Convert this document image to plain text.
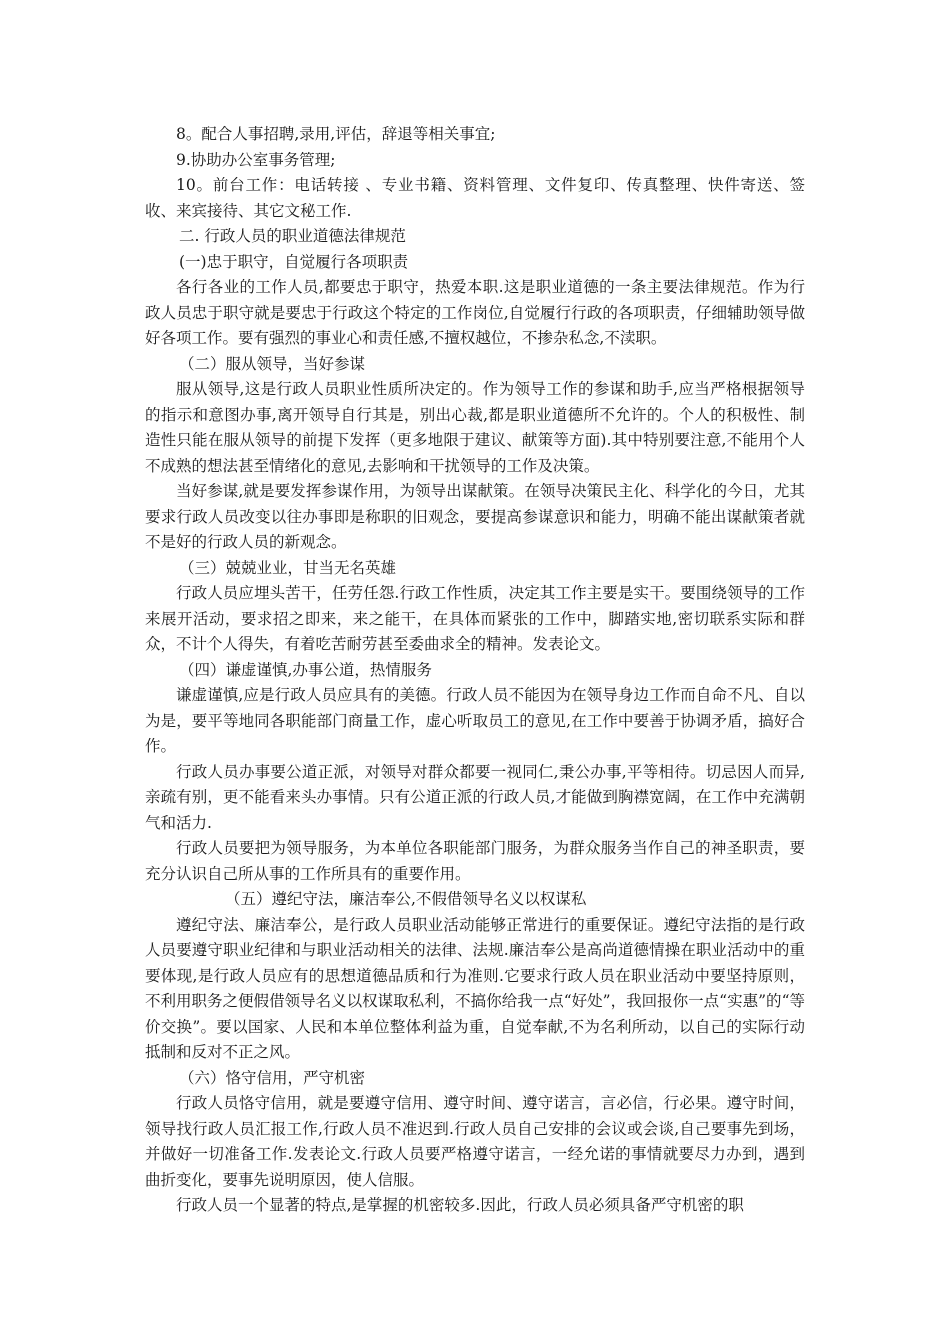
8。配合人事招聘,录用,评估，辞退等相关事宜;

9.协助办公室事务管理;

10。前台工作：电话转接 、专业书籍、资料管理、文件复印、传真整理、快件寄送、签收、来宾接待、其它文秘工作.

二. 行政人员的职业道德法律规范

(一)忠于职守，自觉履行各项职责

各行各业的工作人员,都要忠于职守，热爱本职.这是职业道德的一条主要法律规范。作为行政人员忠于职守就是要忠于行政这个特定的工作岗位,自觉履行行政的各项职责，仔细辅助领导做好各项工作。要有强烈的事业心和责任感,不擅权越位，不掺杂私念,不渎职。

（二）服从领导，当好参谋

服从领导,这是行政人员职业性质所决定的。作为领导工作的参谋和助手,应当严格根据领导的指示和意图办事,离开领导自行其是，别出心裁,都是职业道德所不允许的。个人的积极性、制造性只能在服从领导的前提下发挥（更多地限于建议、献策等方面).其中特别要注意,不能用个人不成熟的想法甚至情绪化的意见,去影响和干扰领导的工作及决策。

当好参谋,就是要发挥参谋作用，为领导出谋献策。在领导决策民主化、科学化的今日，尤其要求行政人员改变以往办事即是称职的旧观念，要提高参谋意识和能力，明确不能出谋献策者就不是好的行政人员的新观念。

（三）兢兢业业，甘当无名英雄

行政人员应埋头苦干，任劳任怨.行政工作性质，决定其工作主要是实干。要围绕领导的工作来展开活动，要求招之即来，来之能干，在具体而紧张的工作中，脚踏实地,密切联系实际和群众，不计个人得失，有着吃苦耐劳甚至委曲求全的精神。发表论文。

（四）谦虚谨慎,办事公道，热情服务

谦虚谨慎,应是行政人员应具有的美德。行政人员不能因为在领导身边工作而自命不凡、自以为是，要平等地同各职能部门商量工作，虚心听取员工的意见,在工作中要善于协调矛盾，搞好合作。

行政人员办事要公道正派，对领导对群众都要一视同仁,秉公办事,平等相待。切忌因人而异,亲疏有别，更不能看来头办事情。只有公道正派的行政人员,才能做到胸襟宽阔，在工作中充满朝气和活力.

行政人员要把为领导服务，为本单位各职能部门服务，为群众服务当作自己的神圣职责，要充分认识自己所从事的工作所具有的重要作用。

（五）遵纪守法，廉洁奉公,不假借领导名义以权谋私

遵纪守法、廉洁奉公，是行政人员职业活动能够正常进行的重要保证。遵纪守法指的是行政人员要遵守职业纪律和与职业活动相关的法律、法规.廉洁奉公是高尚道德情操在职业活动中的重要体现,是行政人员应有的思想道德品质和行为准则.它要求行政人员在职业活动中要坚持原则，不利用职务之便假借领导名义以权谋取私利，不搞你给我一点“好处”，我回报你一点“实惠”的“等价交换”。要以国家、人民和本单位整体利益为重，自觉奉献,不为名利所动，以自己的实际行动抵制和反对不正之风。

（六）恪守信用，严守机密

行政人员恪守信用，就是要遵守信用、遵守时间、遵守诺言，言必信，行必果。遵守时间，领导找行政人员汇报工作,行政人员不准迟到.行政人员自己安排的会议或会谈,自己要事先到场，并做好一切准备工作.发表论文.行政人员要严格遵守诺言，一经允诺的事情就要尽力办到，遇到曲折变化，要事先说明原因，使人信服。

行政人员一个显著的特点,是掌握的机密较多.因此，行政人员必须具备严守机密的职
